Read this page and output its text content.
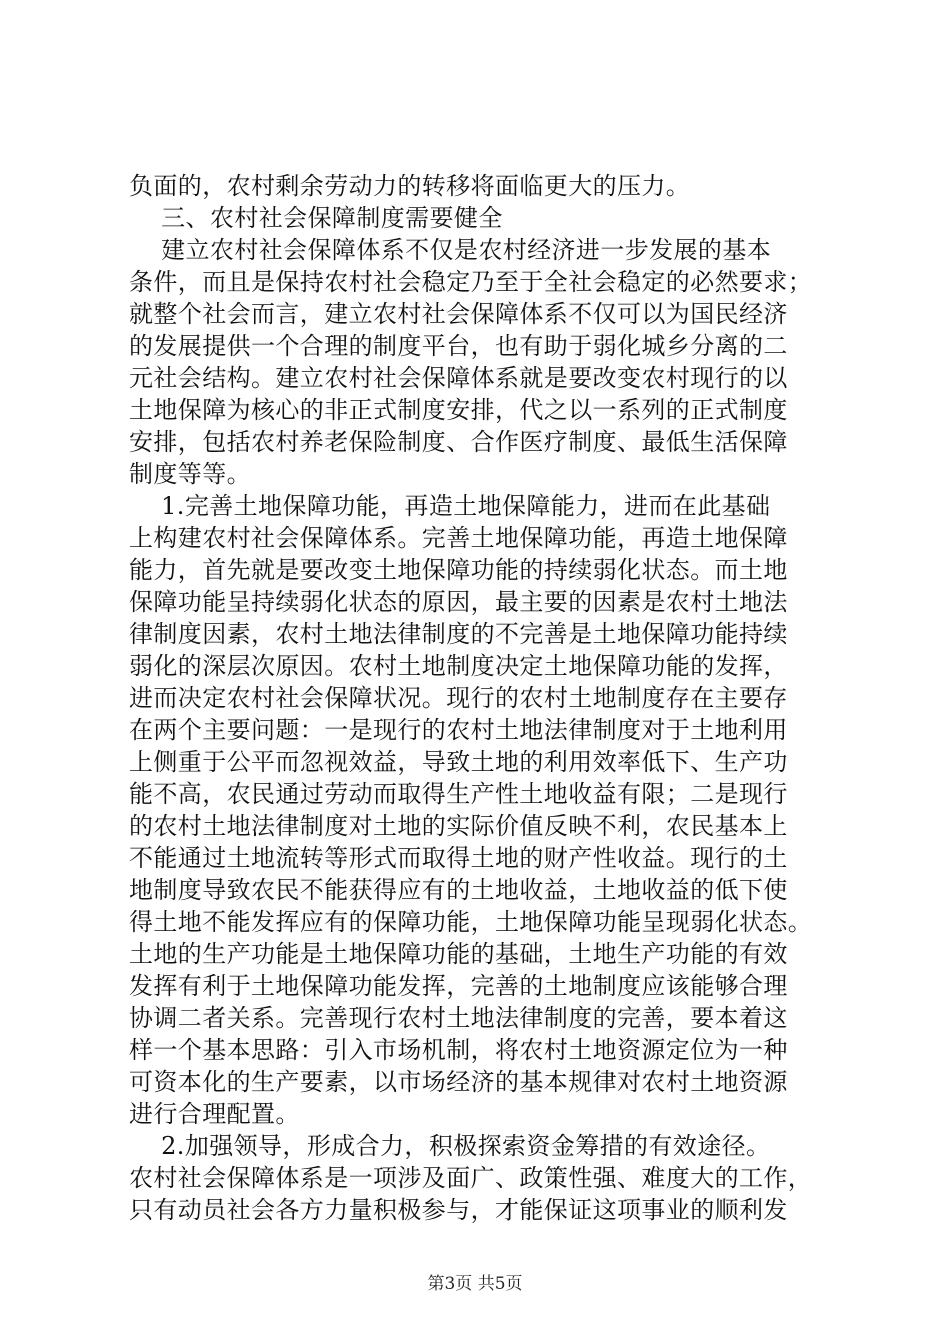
负面的，农村剩余劳动力的转移将面临更大的压力。
三、农村社会保障制度需要健全
建立农村社会保障体系不仅是农村经济进一步发展的基本
条件，而且是保持农村社会稳定乃至于全社会稳定的必然要求；
就整个社会而言，建立农村社会保障体系不仅可以为国民经济
的发展提供一个合理的制度平台，也有助于弱化城乡分离的二
元社会结构。建立农村社会保障体系就是要改变农村现行的以
土地保障为核心的非正式制度安排，代之以一系列的正式制度
安排，包括农村养老保险制度、合作医疗制度、最低生活保障
制度等等。
1.完善土地保障功能，再造土地保障能力，进而在此基础
上构建农村社会保障体系。完善土地保障功能，再造土地保障
能力，首先就是要改变土地保障功能的持续弱化状态。而土地
保障功能呈持续弱化状态的原因，最主要的因素是农村土地法
律制度因素，农村土地法律制度的不完善是土地保障功能持续
弱化的深层次原因。农村土地制度决定土地保障功能的发挥，
进而决定农村社会保障状况。现行的农村土地制度存在主要存
在两个主要问题：一是现行的农村土地法律制度对于土地利用
上侧重于公平而忽视效益，导致土地的利用效率低下、生产功
能不高，农民通过劳动而取得生产性土地收益有限；二是现行
的农村土地法律制度对土地的实际价值反映不利，农民基本上
不能通过土地流转等形式而取得土地的财产性收益。现行的土
地制度导致农民不能获得应有的土地收益，土地收益的低下使
得土地不能发挥应有的保障功能，土地保障功能呈现弱化状态。
土地的生产功能是土地保障功能的基础，土地生产功能的有效
发挥有利于土地保障功能发挥，完善的土地制度应该能够合理
协调二者关系。完善现行农村土地法律制度的完善，要本着这
样一个基本思路：引入市场机制，将农村土地资源定位为一种
可资本化的生产要素，以市场经济的基本规律对农村土地资源
进行合理配置。
2.加强领导，形成合力，积极探索资金筹措的有效途径。
农村社会保障体系是一项涉及面广、政策性强、难度大的工作，
只有动员社会各方力量积极参与，才能保证这项事业的顺利发
第3页 共5页
